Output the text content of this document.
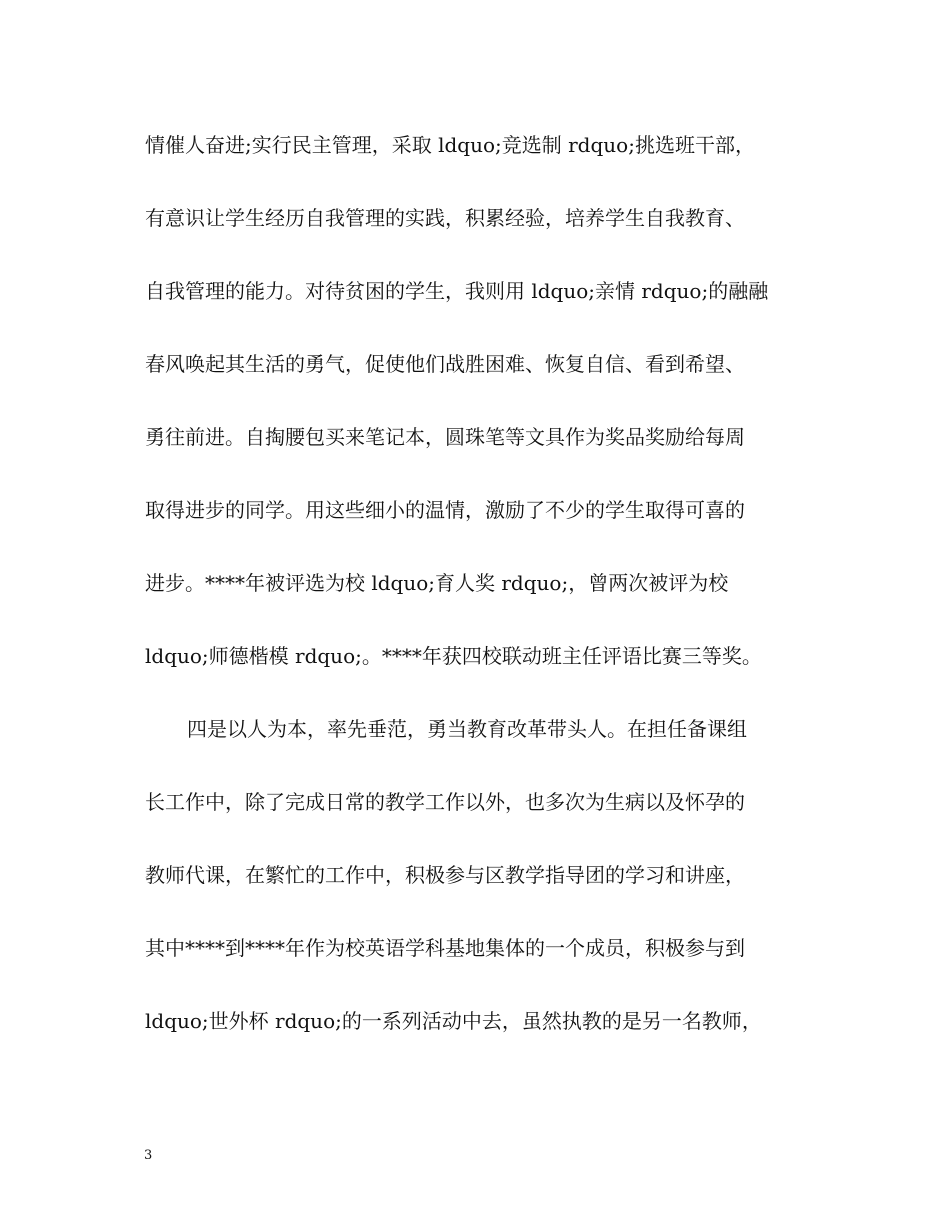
情催人奋进;实行民主管理，采取 ldquo;竞选制 rdquo;挑选班干部，
有意识让学生经历自我管理的实践，积累经验，培养学生自我教育、
自我管理的能力。对待贫困的学生，我则用 ldquo;亲情 rdquo;的融融
春风唤起其生活的勇气，促使他们战胜困难、恢复自信、看到希望、
勇往前进。自掏腰包买来笔记本，圆珠笔等文具作为奖品奖励给每周
取得进步的同学。用这些细小的温情，激励了不少的学生取得可喜的
进步。****年被评选为校 ldquo;育人奖 rdquo;，曾两次被评为校
ldquo;师德楷模 rdquo;。****年获四校联动班主任评语比赛三等奖。
四是以人为本，率先垂范，勇当教育改革带头人。在担任备课组
长工作中，除了完成日常的教学工作以外，也多次为生病以及怀孕的
教师代课，在繁忙的工作中，积极参与区教学指导团的学习和讲座，
其中****到****年作为校英语学科基地集体的一个成员，积极参与到
ldquo;世外杯 rdquo;的一系列活动中去，虽然执教的是另一名教师，
3
